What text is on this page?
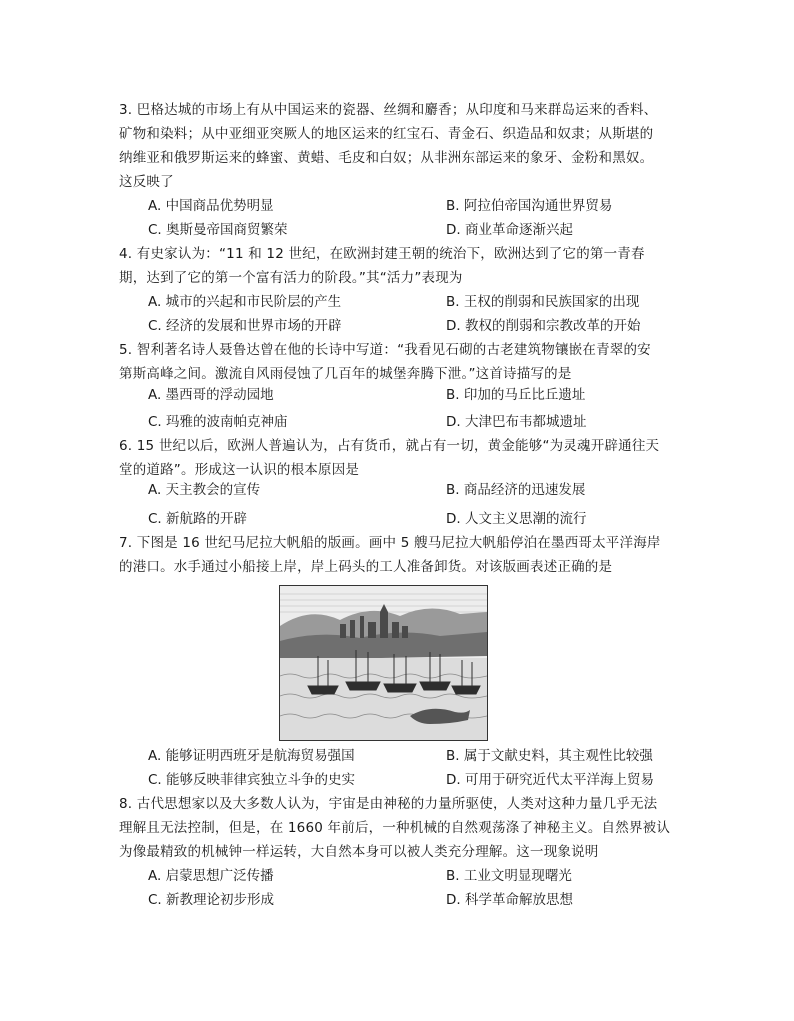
3. 巴格达城的市场上有从中国运来的瓷器、丝绸和麝香；从印度和马来群岛运来的香料、
矿物和染料；从中亚细亚突厥人的地区运来的红宝石、青金石、织造品和奴隶；从斯堪的
纳维亚和俄罗斯运来的蜂蜜、黄蜡、毛皮和白奴；从非洲东部运来的象牙、金粉和黑奴。
这反映了
A. 中国商品优势明显	B. 阿拉伯帝国沟通世界贸易
C. 奥斯曼帝国商贸繁荣	D. 商业革命逐渐兴起
4. 有史家认为：“11 和 12 世纪，在欧洲封建王朝的统治下，欧洲达到了它的第一青春
期，达到了它的第一个富有活力的阶段。”其“活力”表现为
A. 城市的兴起和市民阶层的产生	B. 王权的削弱和民族国家的出现
C. 经济的发展和世界市场的开辟	D. 教权的削弱和宗教改革的开始
5. 智利著名诗人聂鲁达曾在他的长诗中写道：“我看见石砌的古老建筑物镶嵌在青翠的安
第斯高峰之间。激流自风雨侵蚀了几百年的城堡奔腾下泄。”这首诗描写的是
A. 墨西哥的浮动园地	B. 印加的马丘比丘遗址
C. 玛雅的波南帕克神庙	D. 大津巴布韦都城遗址
6. 15 世纪以后，欧洲人普遍认为，占有货币，就占有一切，黄金能够“为灵魂开辟通往天
堂的道路”。形成这一认识的根本原因是
A. 天主教会的宣传	B. 商品经济的迅速发展
C. 新航路的开辟	D. 人文主义思潮的流行
7. 下图是 16 世纪马尼拉大帆船的版画。画中 5 艘马尼拉大帆船停泊在墨西哥太平洋海岸
的港口。水手通过小船接上岸，岸上码头的工人准备卸货。对该版画表述正确的是
A. 能够证明西班牙是航海贸易强国	B. 属于文献史料，其主观性比较强
C. 能够反映菲律宾独立斗争的史实	D. 可用于研究近代太平洋海上贸易
8. 古代思想家以及大多数人认为，宇宙是由神秘的力量所驱使，人类对这种力量几乎无法
理解且无法控制，但是，在 1660 年前后，一种机械的自然观荡涤了神秘主义。自然界被认
为像最精致的机械钟一样运转，大自然本身可以被人类充分理解。这一现象说明
A. 启蒙思想广泛传播	B. 工业文明显现曙光
C. 新教理论初步形成	D. 科学革命解放思想
